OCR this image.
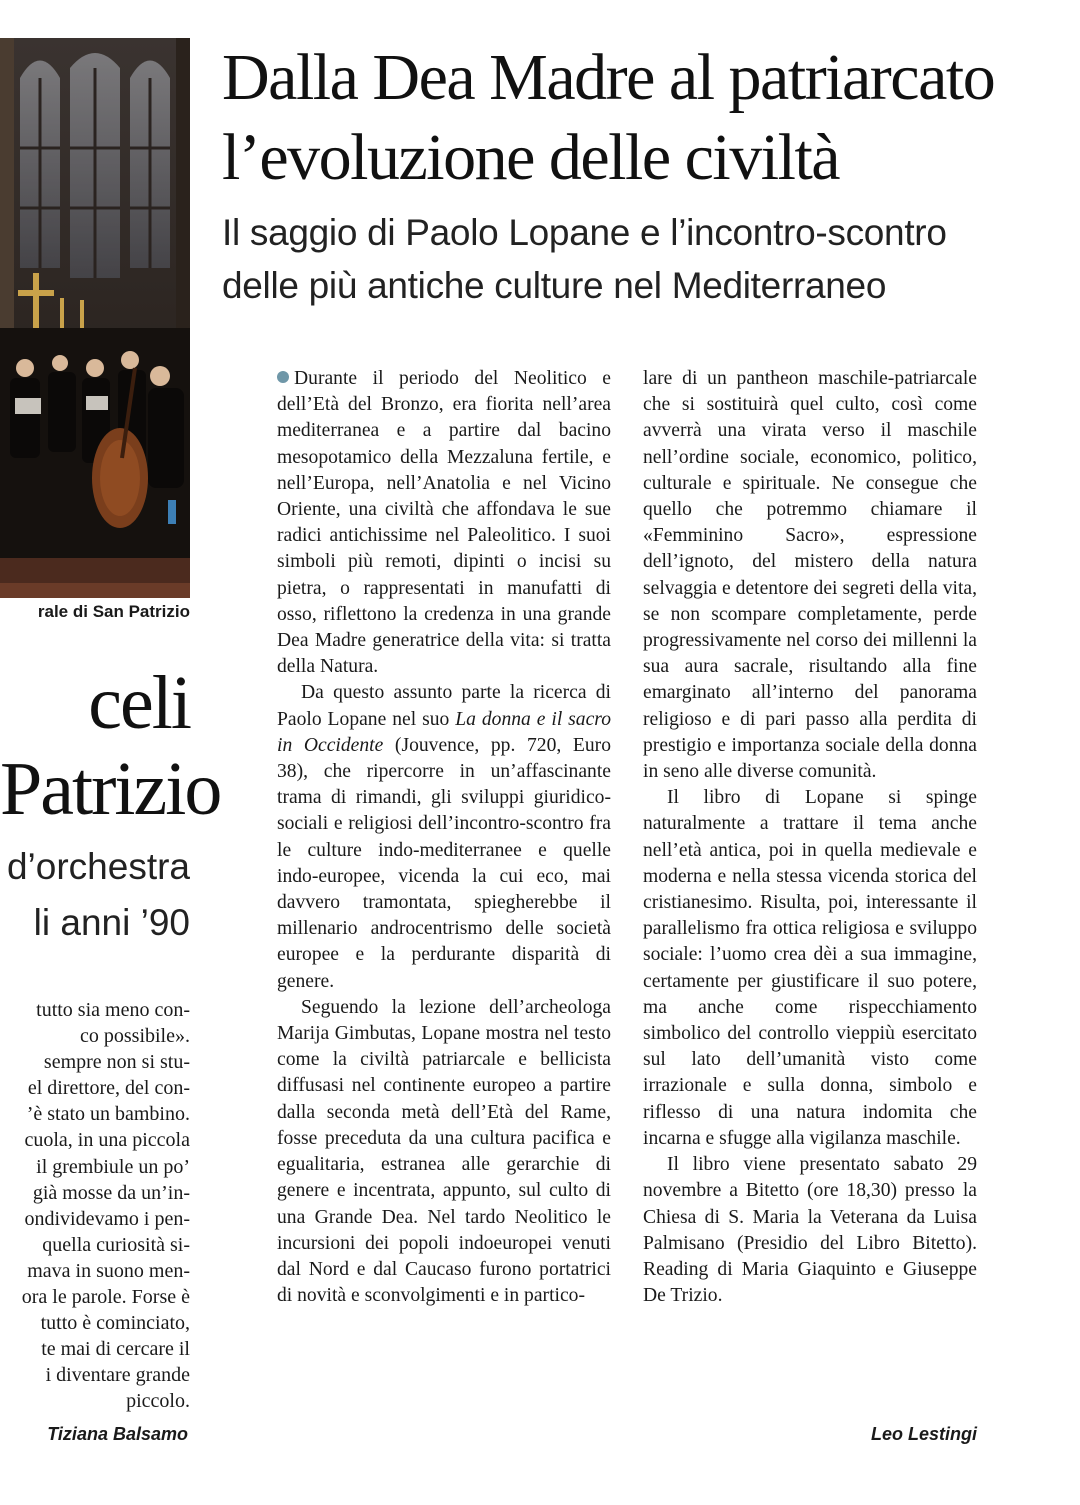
rale di San Patrizio
celi
Patrizio
d’orchestra
li anni ’90
tutto sia meno con-
co possibile».
sempre non si stu-
el direttore, del con-
’è stato un bambino.
cuola, in una piccola
il grembiule un po’
già mosse da un’in-
ondividevamo i pen-
quella curiosità si-
mava in suono men-
ora le parole. Forse è
tutto è cominciato,
te mai di cercare il
i diventare grande
piccolo.
Tiziana Balsamo
Dalla Dea Madre al patriarcato
l’evoluzione delle civiltà
Il saggio di Paolo Lopane e l’incontro-scontro
delle più antiche culture nel Mediterraneo

Durante il periodo del Neolitico e dell’Età del Bronzo, era fiorita nell’area mediterranea e a partire dal bacino mesopotamico della Mezzaluna fertile, e nell’Europa, nell’Anatolia e nel Vicino Oriente, una civiltà che affondava le sue radici antichissime nel Paleolitico. I suoi simboli più remoti, dipinti o incisi su pietra, o rappresentati in manufatti di osso, riflettono la credenza in una grande Dea Madre generatrice della vita: si tratta della Natura.

Da questo assunto parte la ricerca di Paolo Lopane nel suo La donna e il sacro in Occidente (Jouvence, pp. 720, Euro 38), che ripercorre in un’affascinante trama di rimandi, gli sviluppi giuridico-sociali e religiosi dell’incontro-scontro fra le culture indo-mediterranee e quelle indo-europee, vicenda la cui eco, mai davvero tramontata, spiegherebbe il millenario androcentrismo delle società europee e la perdurante disparità di genere.

Seguendo la lezione dell’archeologa Marija Gimbutas, Lopane mostra nel testo come la civiltà patriarcale e bellicista diffusasi nel continente europeo a partire dalla seconda metà dell’Età del Rame, fosse preceduta da una cultura pacifica e egualitaria, estranea alle gerarchie di genere e incentrata, appunto, sul culto di una Grande Dea. Nel tardo Neolitico le incursioni dei popoli indoeuropei venuti dal Nord e dal Caucaso furono portatrici di novità e sconvolgimenti e in partico-

lare di un pantheon maschile-patriarcale che si sostituirà quel culto, così come avverrà una virata verso il maschile nell’ordine sociale, economico, politico, culturale e spirituale. Ne consegue che quello che potremmo chiamare il «Femminino Sacro», espressione dell’ignoto, del mistero della natura selvaggia e detentore dei segreti della vita, se non scompare completamente, perde progressivamente nel corso dei millenni la sua aura sacrale, risultando alla fine emarginato all’interno del panorama religioso e di pari passo alla perdita di prestigio e importanza sociale della donna in seno alle diverse comunità.

Il libro di Lopane si spinge naturalmente a trattare il tema anche nell’età antica, poi in quella medievale e moderna e nella stessa vicenda storica del cristianesimo. Risulta, poi, interessante il parallelismo fra ottica religiosa e sviluppo sociale: l’uomo crea dèi a sua immagine, certamente per giustificare il suo potere, ma anche come rispecchiamento simbolico del controllo vieppiù esercitato sul lato dell’umanità visto come irrazionale e sulla donna, simbolo e riflesso di una natura indomita che incarna e sfugge alla vigilanza maschile.

Il libro viene presentato sabato 29 novembre a Bitetto (ore 18,30) presso la Chiesa di S. Maria la Veterana da Luisa Palmisano (Presidio del Libro Bitetto). Reading di Maria Giaquinto e Giuseppe De Trizio.

Leo Lestingi
